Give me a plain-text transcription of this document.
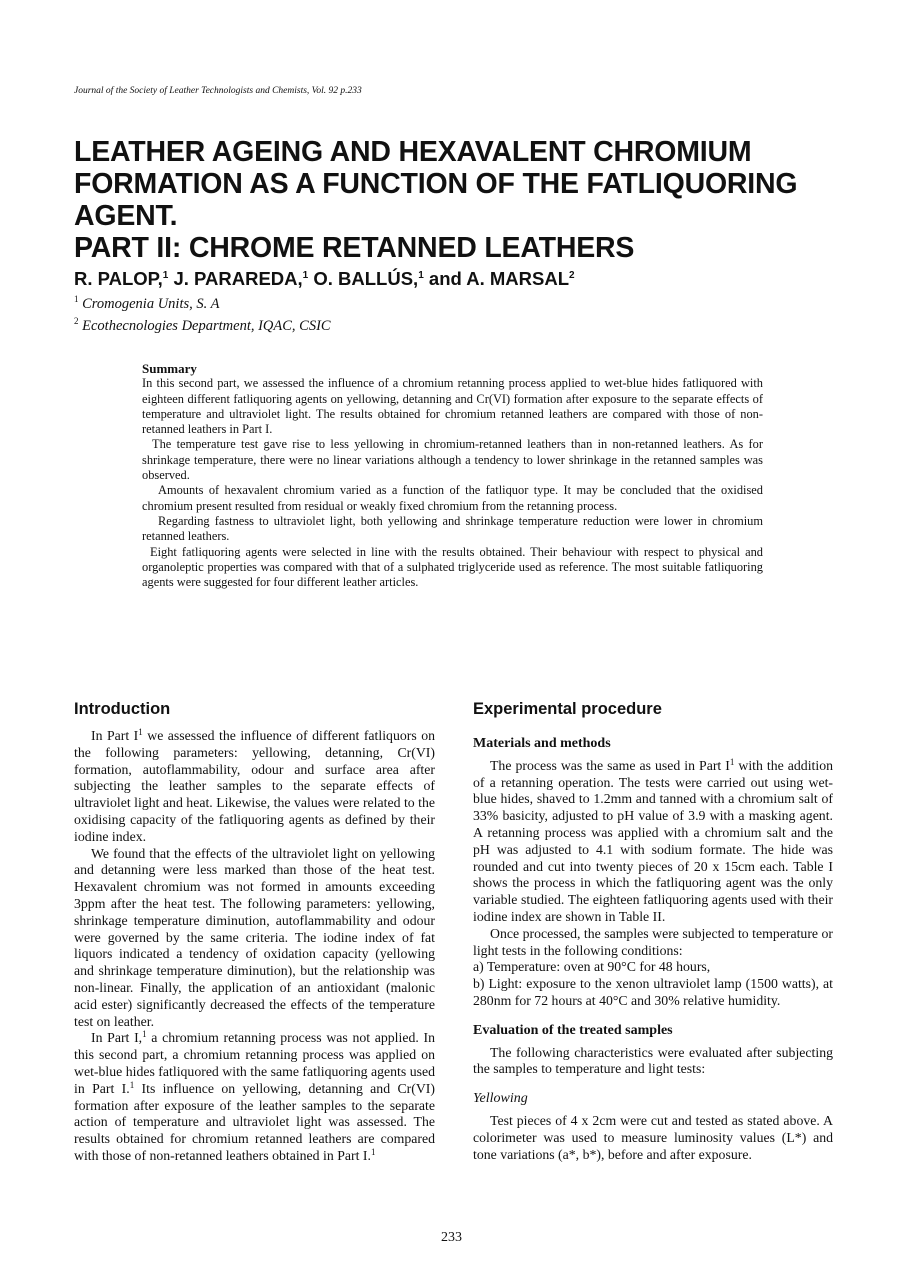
Journal of the Society of Leather Technologists and Chemists, Vol. 92 p.233
LEATHER AGEING AND HEXAVALENT CHROMIUM
FORMATION AS A FUNCTION OF THE FATLIQUORING
AGENT.
PART II: CHROME RETANNED LEATHERS
R. PALOP,$^1$ J. PARAREDA,$^1$ O. BALLÚS,$^1$ and A. MARSAL$^2$
$^1$ Cromogenia Units, S. A
$^2$ Ecothecnologies Department, IQAC, CSIC
Summary

In this second part, we assessed the influence of a chromium retanning process applied to wet-blue hides fatliquored with eighteen different fatliquoring agents on yellowing, detanning and Cr(VI) formation after exposure to the separate effects of temperature and ultraviolet light. The results obtained for chromium retanned leathers are compared with those of non-retanned leathers in Part I.

The temperature test gave rise to less yellowing in chromium-retanned leathers than in non-retanned leathers. As for shrinkage temperature, there were no linear variations although a tendency to lower shrinkage in the retanned samples was observed.

Amounts of hexavalent chromium varied as a function of the fatliquor type. It may be concluded that the oxidised chromium present resulted from residual or weakly fixed chromium from the retanning process.

Regarding fastness to ultraviolet light, both yellowing and shrinkage temperature reduction were lower in chromium retanned leathers.

Eight fatliquoring agents were selected in line with the results obtained. Their behaviour with respect to physical and organoleptic properties was compared with that of a sulphated triglyceride used as reference. The most suitable fatliquoring agents were suggested for four different leather articles.

Introduction

In Part $I^1$ we assessed the influence of different fatliquors on the following parameters: yellowing, detanning, Cr(VI) formation, autoflammability, odour and surface area after subjecting the leather samples to the separate effects of ultraviolet light and heat. Likewise, the values were related to the oxidising capacity of the fatliquoring agents as defined by their iodine index.

We found that the effects of the ultraviolet light on yellowing and detanning were less marked than those of the heat test. Hexavalent chromium was not formed in amounts exceeding 3ppm after the heat test. The following parameters: yellowing, shrinkage temperature diminution, autoflammability and odour were governed by the same criteria. The iodine index of fat liquors indicated a tendency of oxidation capacity (yellowing and shrinkage temperature diminution), but the relationship was non-linear. Finally, the application of an antioxidant (malonic acid ester) significantly decreased the effects of the temperature test on leather.

In Part I,$^1$ a chromium retanning process was not applied. In this second part, a chromium retanning process was applied on wet-blue hides fatliquored with the same fatliquoring agents used in Part I.$^1$ Its influence on yellowing, detanning and Cr(VI) formation after exposure of the leather samples to the separate action of temperature and ultraviolet light was assessed. The results obtained for chromium retanned leathers are compared with those of non-retanned leathers obtained in Part I.$^1$

Experimental procedure
Materials and methods

The process was the same as used in Part $I^1$ with the addition of a retanning operation. The tests were carried out using wet-blue hides, shaved to 1.2mm and tanned with a chromium salt of 33% basicity, adjusted to pH value of 3.9 with a masking agent. A retanning process was applied with a chromium salt and the pH was adjusted to 4.1 with sodium formate. The hide was rounded and cut into twenty pieces of 20 x 15cm each. Table I shows the process in which the fatliquoring agent was the only variable studied. The eighteen fatliquoring agents used with their iodine index are shown in Table II.

Once processed, the samples were subjected to temperature or light tests in the following conditions:

a) Temperature: oven at 90°C for 48 hours,

b) Light: exposure to the xenon ultraviolet lamp (1500 watts), at 280nm for 72 hours at 40°C and 30% relative humidity.

Evaluation of the treated samples

The following characteristics were evaluated after subjecting the samples to temperature and light tests:

Yellowing

Test pieces of 4 x 2cm were cut and tested as stated above. A colorimeter was used to measure luminosity values (L*) and tone variations (a*, b*), before and after exposure.

233
